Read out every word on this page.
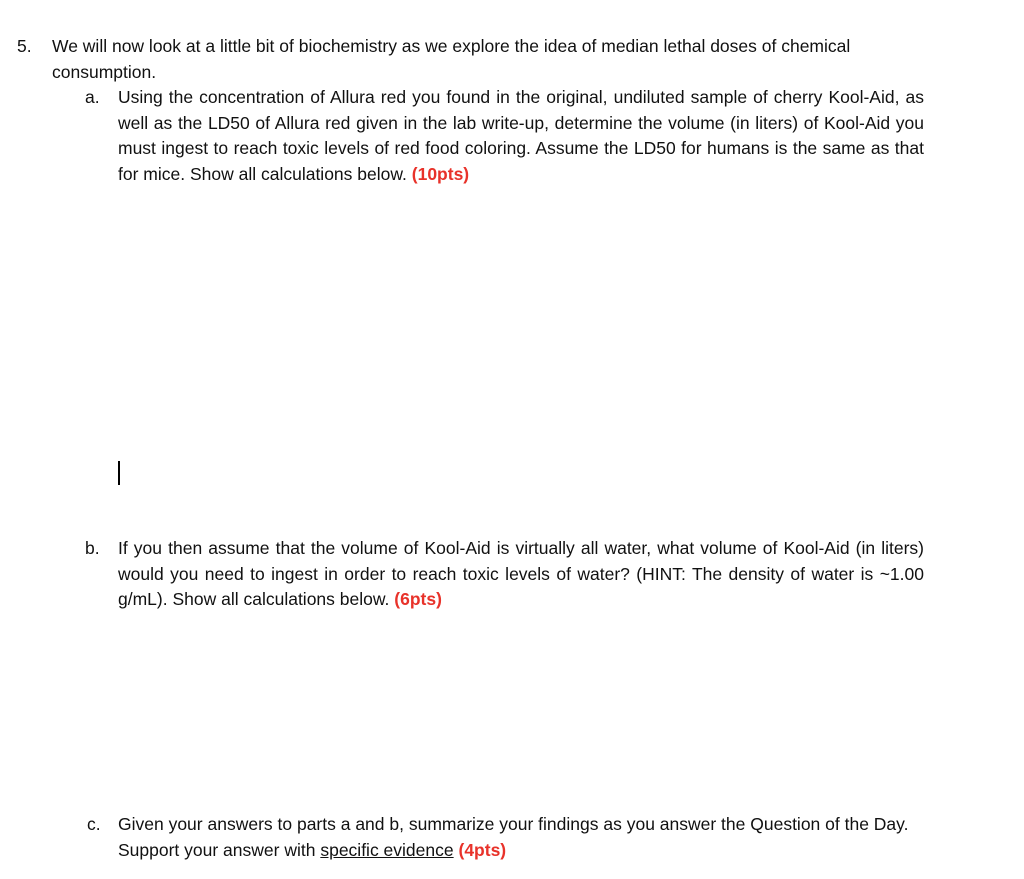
5. We will now look at a little bit of biochemistry as we explore the idea of median lethal doses of chemical consumption.

a. Using the concentration of Allura red you found in the original, undiluted sample of cherry Kool-Aid, as well as the LD50 of Allura red given in the lab write-up, determine the volume (in liters) of Kool-Aid you must ingest to reach toxic levels of red food coloring. Assume the LD50 for humans is the same as that for mice. Show all calculations below. (10pts)

b. If you then assume that the volume of Kool-Aid is virtually all water, what volume of Kool-Aid (in liters) would you need to ingest in order to reach toxic levels of water? (HINT: The density of water is ~1.00 g/mL). Show all calculations below. (6pts)

c. Given your answers to parts a and b, summarize your findings as you answer the Question of the Day. Support your answer with specific evidence (4pts)
